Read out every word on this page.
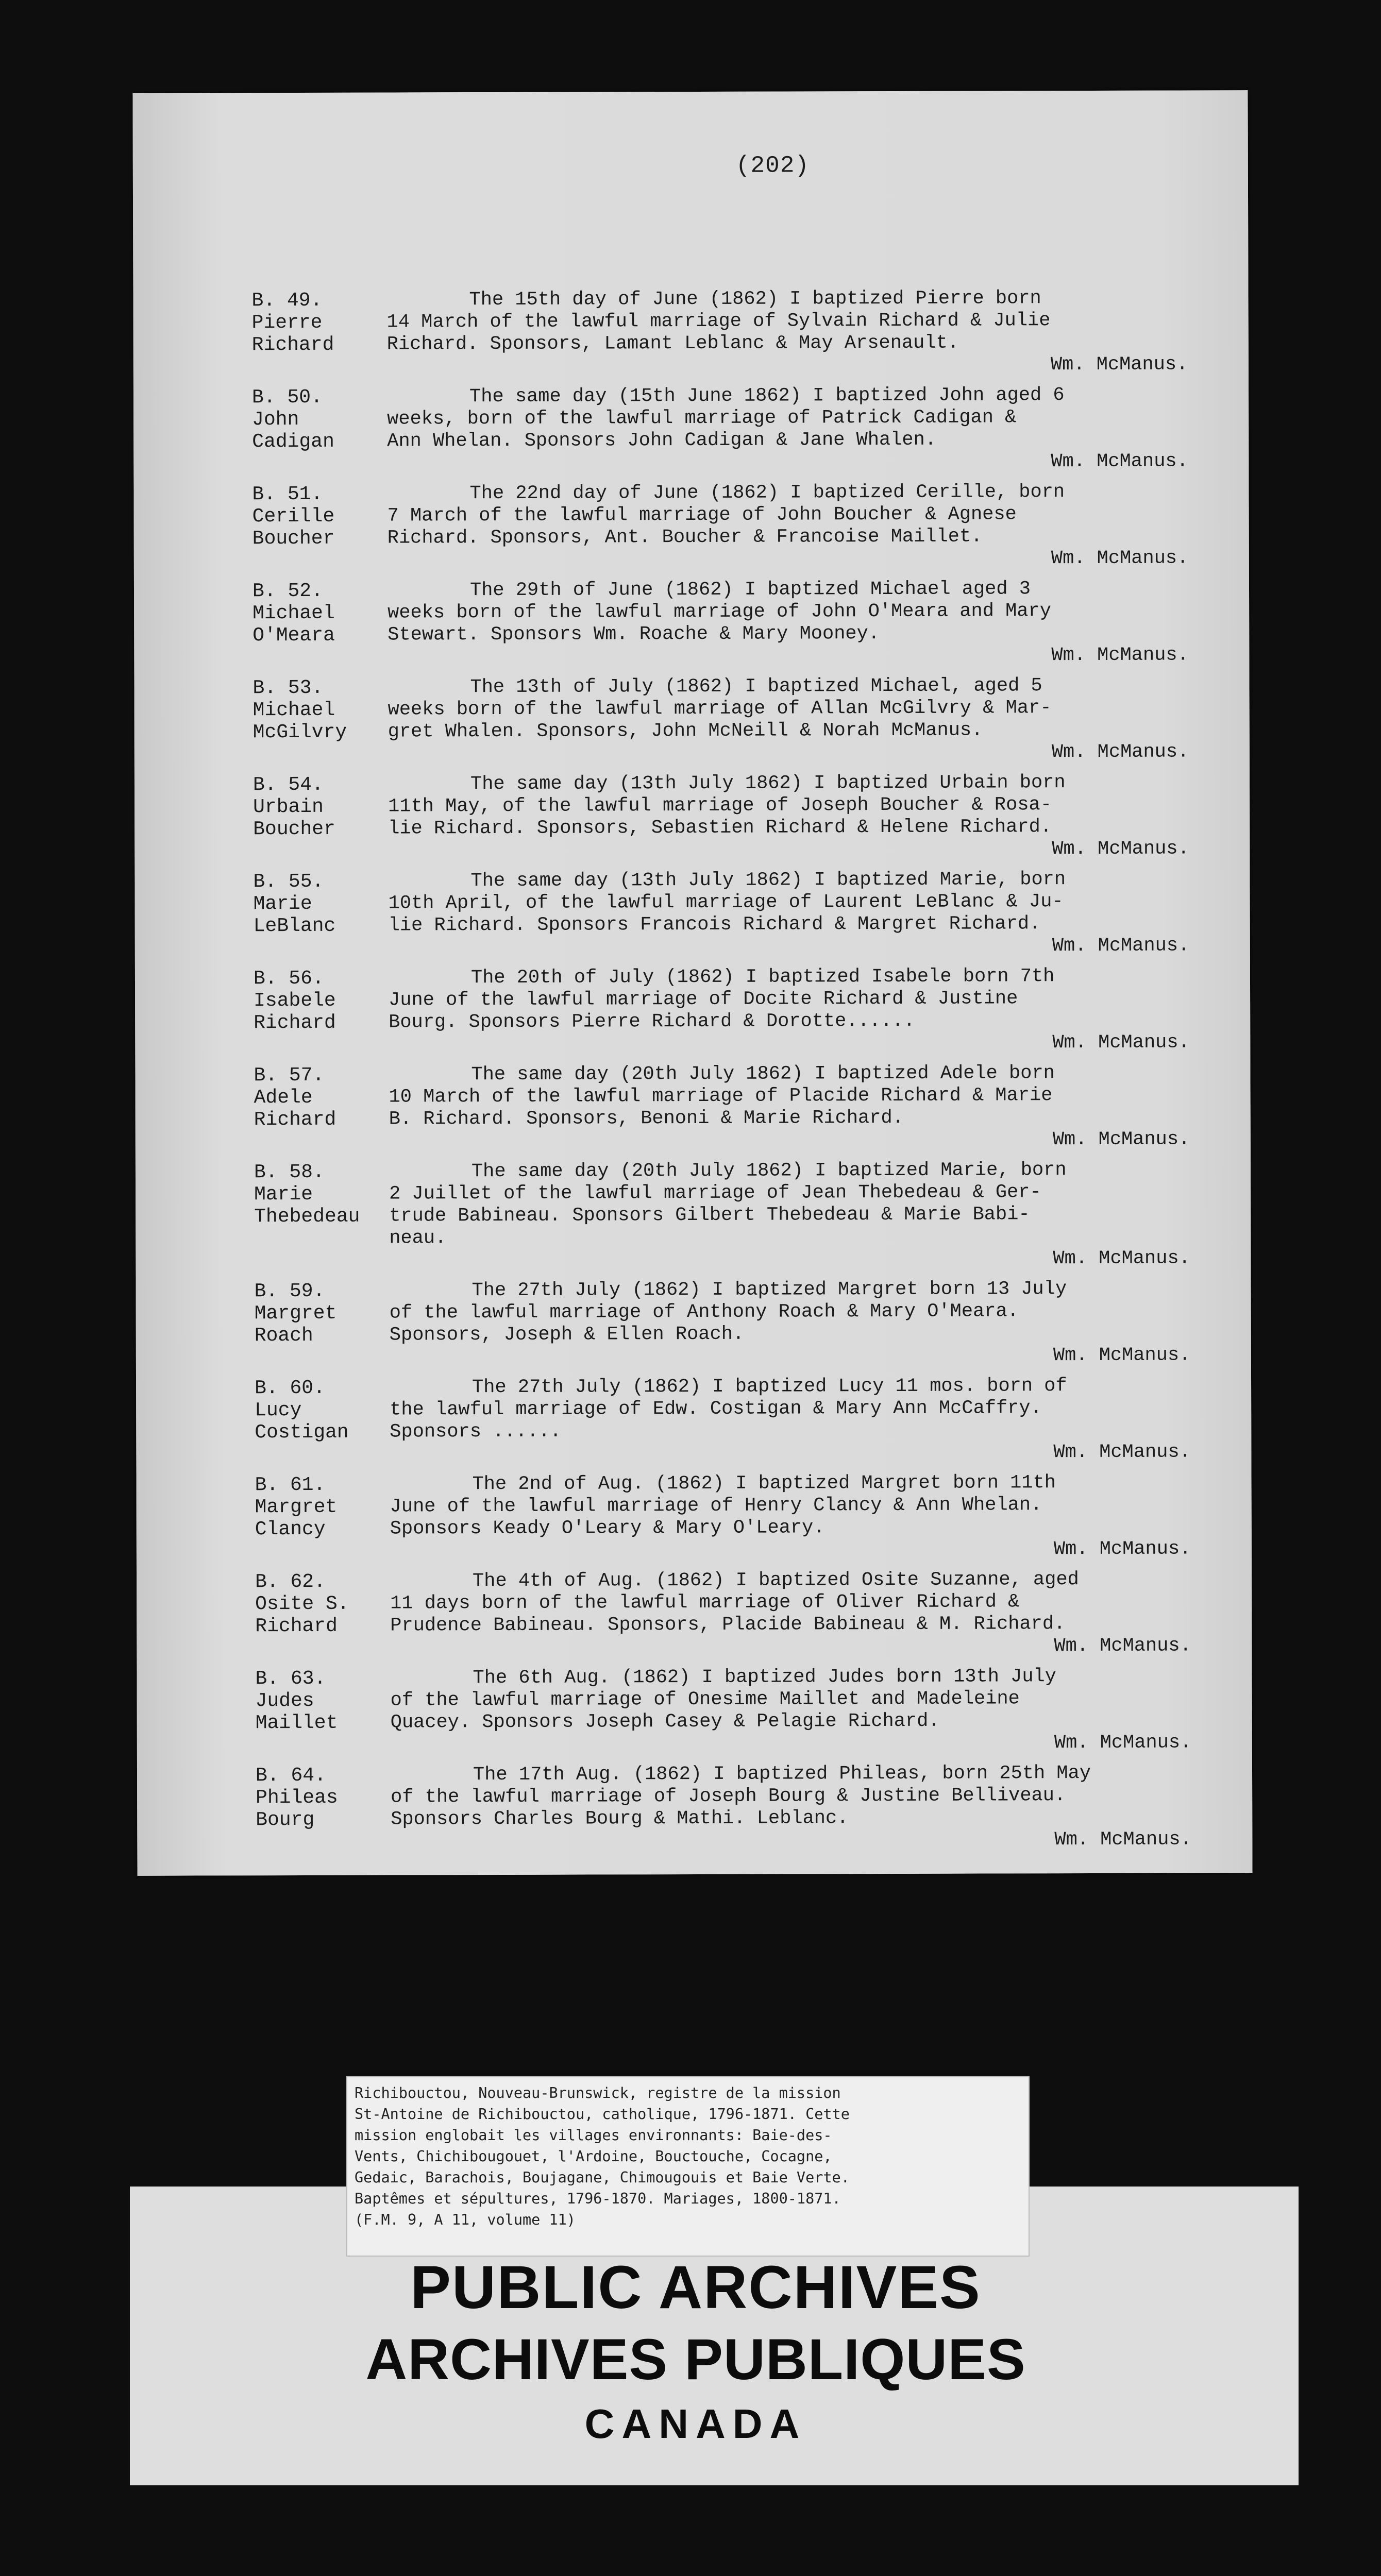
(202)
B. 49.
Pierre
Richard
The 15th day of June (1862) I baptized Pierre born
14 March of the lawful marriage of Sylvain Richard & Julie
Richard. Sponsors, Lamant Leblanc & May Arsenault.
Wm. McManus.
B. 50.
John
Cadigan
The same day (15th June 1862) I baptized John aged 6
weeks, born of the lawful marriage of Patrick Cadigan &
Ann Whelan. Sponsors John Cadigan & Jane Whalen.
Wm. McManus.
B. 51.
Cerille
Boucher
The 22nd day of June (1862) I baptized Cerille, born
7 March of the lawful marriage of John Boucher & Agnese
Richard. Sponsors, Ant. Boucher & Francoise Maillet.
Wm. McManus.
B. 52.
Michael
O'Meara
The 29th of June (1862) I baptized Michael aged 3
weeks born of the lawful marriage of John O'Meara and Mary
Stewart. Sponsors Wm. Roache & Mary Mooney.
Wm. McManus.
B. 53.
Michael
McGilvry
The 13th of July (1862) I baptized Michael, aged 5
weeks born of the lawful marriage of Allan McGilvry & Mar-
gret Whalen. Sponsors, John McNeill & Norah McManus.
Wm. McManus.
B. 54.
Urbain
Boucher
The same day (13th July 1862) I baptized Urbain born
11th May, of the lawful marriage of Joseph Boucher & Rosa-
lie Richard. Sponsors, Sebastien Richard & Helene Richard.
Wm. McManus.
B. 55.
Marie
LeBlanc
The same day (13th July 1862) I baptized Marie, born
10th April, of the lawful marriage of Laurent LeBlanc & Ju-
lie Richard. Sponsors Francois Richard & Margret Richard.
Wm. McManus.
B. 56.
Isabele
Richard
The 20th of July (1862) I baptized Isabele born 7th
June of the lawful marriage of Docite Richard & Justine
Bourg. Sponsors Pierre Richard & Dorotte......
Wm. McManus.
B. 57.
Adele
Richard
The same day (20th July 1862) I baptized Adele born
10 March of the lawful marriage of Placide Richard & Marie
B. Richard. Sponsors, Benoni & Marie Richard.
Wm. McManus.
B. 58.
Marie
Thebedeau
The same day (20th July 1862) I baptized Marie, born
2 Juillet of the lawful marriage of Jean Thebedeau & Ger-
trude Babineau. Sponsors Gilbert Thebedeau & Marie Babi-
neau.
Wm. McManus.
B. 59.
Margret
Roach
The 27th July (1862) I baptized Margret born 13 July
of the lawful marriage of Anthony Roach & Mary O'Meara.
Sponsors, Joseph & Ellen Roach.
Wm. McManus.
B. 60.
Lucy
Costigan
The 27th July (1862) I baptized Lucy 11 mos. born of
the lawful marriage of Edw. Costigan & Mary Ann McCaffry.
Sponsors ......
Wm. McManus.
B. 61.
Margret
Clancy
The 2nd of Aug. (1862) I baptized Margret born 11th
June of the lawful marriage of Henry Clancy & Ann Whelan.
Sponsors Keady O'Leary & Mary O'Leary.
Wm. McManus.
B. 62.
Osite S.
Richard
The 4th of Aug. (1862) I baptized Osite Suzanne, aged
11 days born of the lawful marriage of Oliver Richard &
Prudence Babineau. Sponsors, Placide Babineau & M. Richard.
Wm. McManus.
B. 63.
Judes
Maillet
The 6th Aug. (1862) I baptized Judes born 13th July
of the lawful marriage of Onesime Maillet and Madeleine
Quacey. Sponsors Joseph Casey & Pelagie Richard.
Wm. McManus.
B. 64.
Phileas
Bourg
The 17th Aug. (1862) I baptized Phileas, born 25th May
of the lawful marriage of Joseph Bourg & Justine Belliveau.
Sponsors Charles Bourg & Mathi. Leblanc.
Wm. McManus.
Richibouctou, Nouveau-Brunswick, registre de la mission
St-Antoine de Richibouctou, catholique, 1796-1871. Cette
mission englobait les villages environnants: Baie-des-
Vents, Chichibougouet, l'Ardoine, Bouctouche, Cocagne,
Gedaic, Barachois, Boujagane, Chimougouis et Baie Verte.
Baptêmes et sépultures, 1796-1870. Mariages, 1800-1871.
(F.M. 9, A 11, volume 11)
PUBLIC ARCHIVES
ARCHIVES PUBLIQUES
CANADA
